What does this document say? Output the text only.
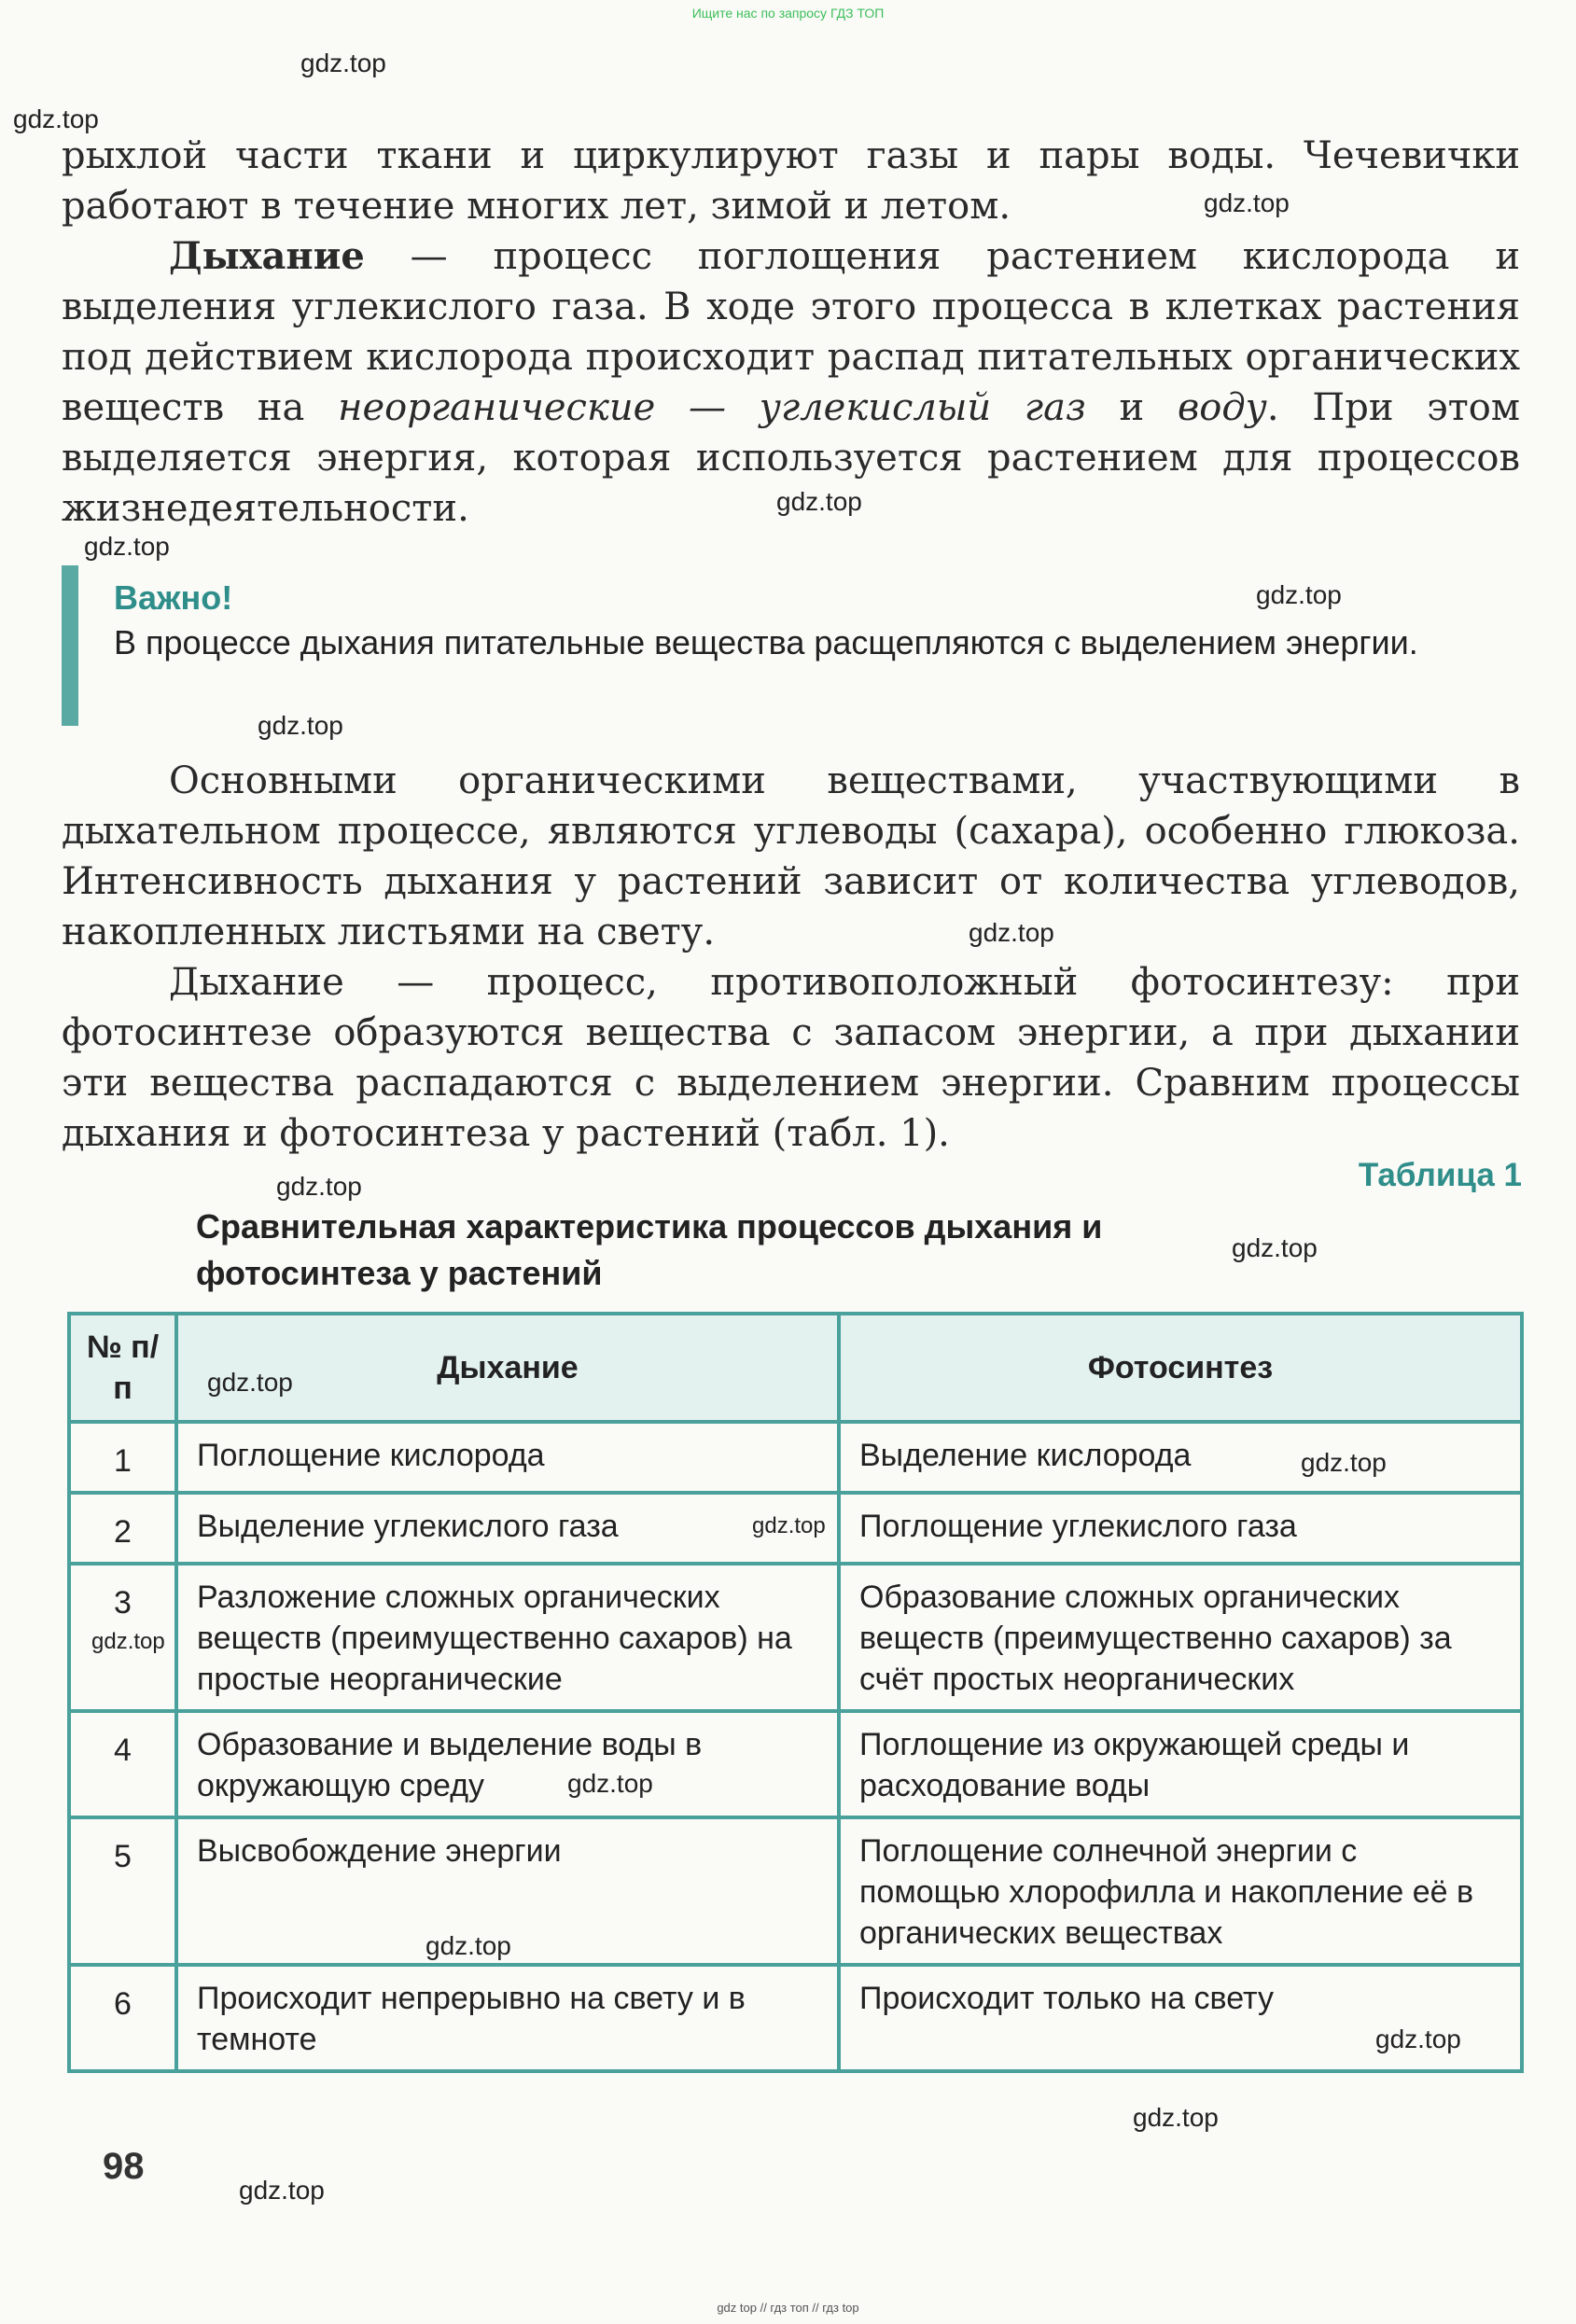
Ищите нас по запросу ГДЗ ТОП
gdz.top
gdz.top
gdz.top
gdz.top
gdz.top
gdz.top
gdz.top
gdz.top
gdz.top
gdz.top

рыхлой части ткани и циркулируют газы и пары воды. Чечевички

работают в течение многих лет, зимой и летом.

Дыхание — процесс поглощения растением кислорода и выделения углекислого газа. В ходе этого процесса в клетках растения под действием кислорода происходит распад питательных органических веществ на неорганические — углекислый газ и воду. При этом выделяется энергия, которая используется растением для процессов жизнедеятельности.

Важно!
В процессе дыхания питательные вещества расщепляются с выделением энергии.

Основными органическими веществами, участвующими в дыхательном процессе, являются углеводы (сахара), особенно глюкоза. Интенсивность дыхания у растений зависит от количества углеводов, накопленных листьями на свету.

Дыхание — процесс, противоположный фотосинтезу: при фотосинтезе образуются вещества с запасом энергии, а при дыхании эти вещества распадаются с выделением энергии. Сравним процессы дыхания и фотосинтеза у растений (табл. 1).

Таблица 1
Сравнительная характеристика процессов дыхания и фотосинтеза у растений
№ п/п	Дыхание	Фотосинтез
1	Поглощение кислорода	Выделение кислорода
2	Выделение углекислого газа	Поглощение углекислого газа
3	Разложение сложных органических веществ (преимущественно сахаров) на простые неорганические	Образование сложных органических веществ (преимущественно сахаров) за счёт простых неорганических
4	Образование и выделение воды в окружающую среду	Поглощение из окружающей среды и расходование воды
5	Высвобождение энергии	Поглощение солнечной энергии с помощью хлорофилла и накопление её в органических веществах
6	Происходит непрерывно на свету и в темноте	Происходит только на свету
gdz.top
gdz.top
gdz.top
gdz.top
gdz.top
gdz.top
gdz.top
gdz.top
gdz.top
98
gdz top // гдз топ // гдз top
